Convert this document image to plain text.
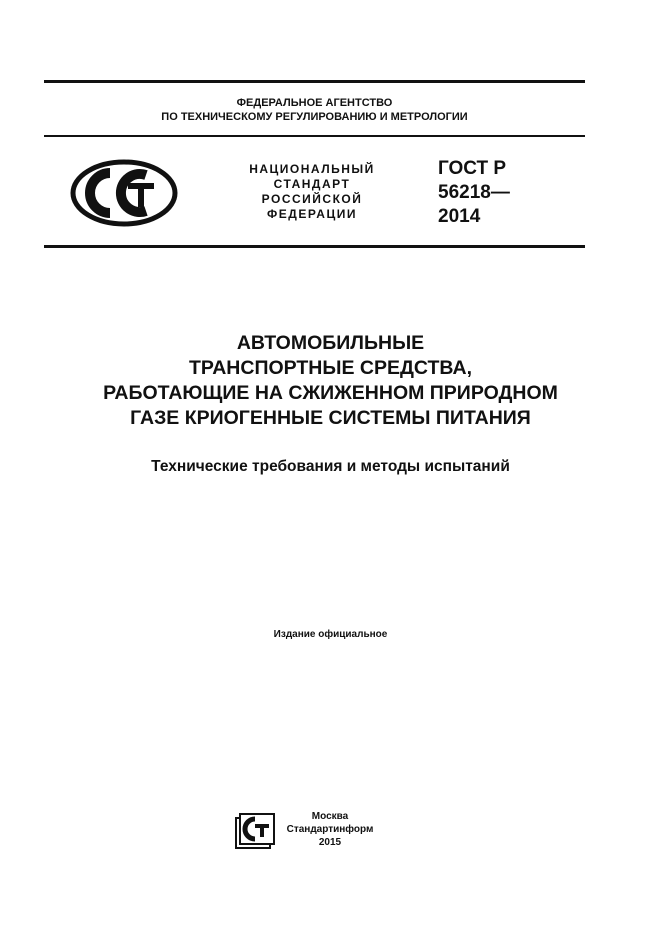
ФЕДЕРАЛЬНОЕ АГЕНТСТВО
ПО ТЕХНИЧЕСКОМУ РЕГУЛИРОВАНИЮ И МЕТРОЛОГИИ
НАЦИОНАЛЬНЫЙ
СТАНДАРТ
РОССИЙСКОЙ
ФЕДЕРАЦИИ
ГОСТ Р
56218—
2014
АВТОМОБИЛЬНЫЕ
ТРАНСПОРТНЫЕ СРЕДСТВА,
РАБОТАЮЩИЕ НА СЖИЖЕННОМ ПРИРОДНОМ
ГАЗЕ КРИОГЕННЫЕ СИСТЕМЫ ПИТАНИЯ
Технические требования и методы испытаний
Издание официальное
Москва
Стандартинформ
2015
